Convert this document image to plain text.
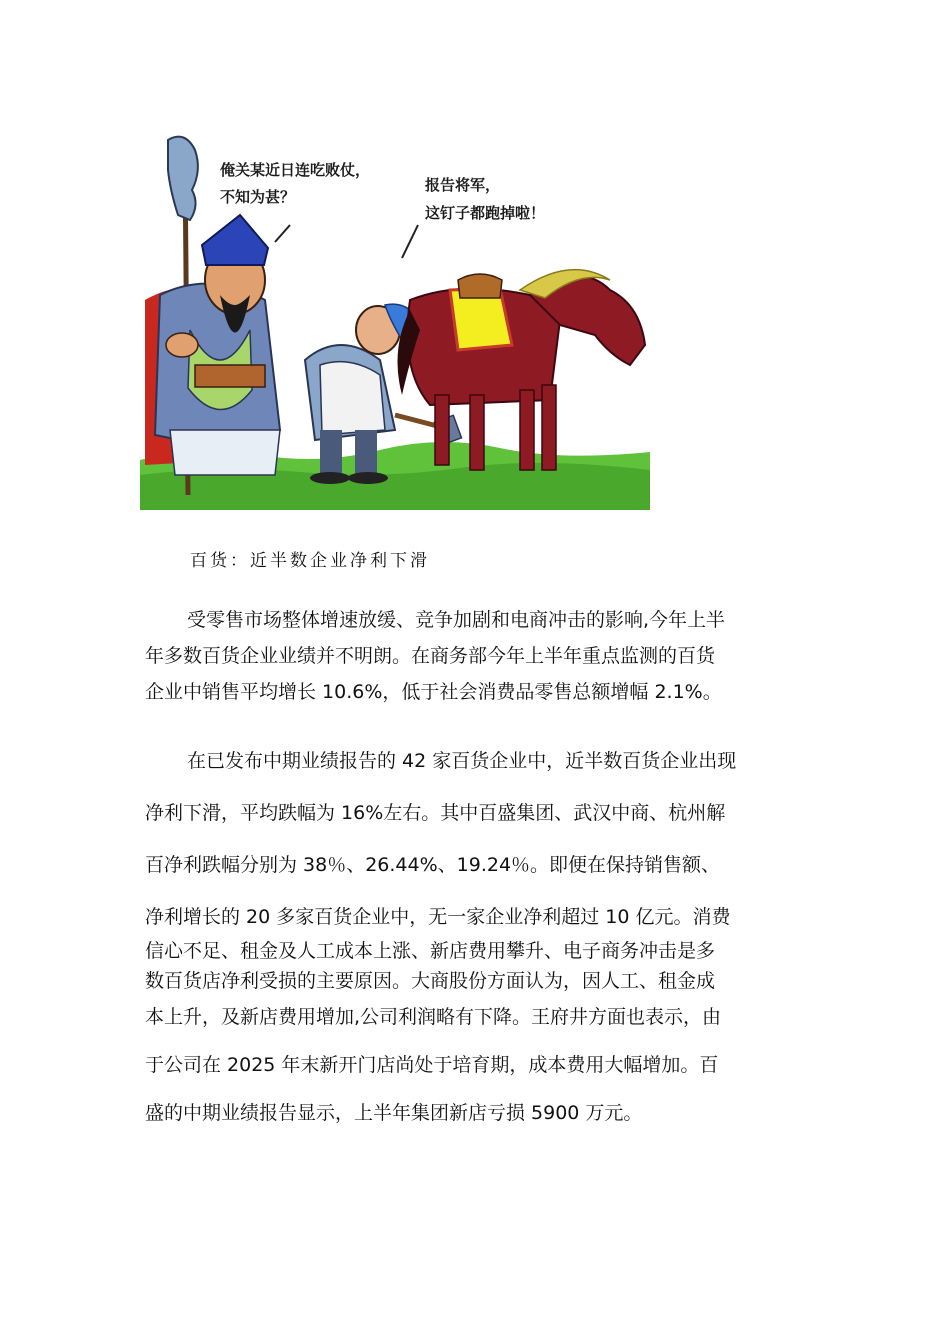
俺关某近日连吃败仗，
不知为甚？
报告将军，
这钉子都跑掉啦！
百货：近半数企业净利下滑
受零售市场整体增速放缓、竞争加剧和电商冲击的影响,今年上半
年多数百货企业业绩并不明朗。在商务部今年上半年重点监测的百货
企业中销售平均增长 10.6%，低于社会消费品零售总额增幅 2.1%。
在已发布中期业绩报告的 42 家百货企业中，近半数百货企业出现
净利下滑，平均跌幅为 16%左右。其中百盛集团、武汉中商、杭州解
百净利跌幅分别为 38％、26.44%、19.24％。即便在保持销售额、
净利增长的 20 多家百货企业中，无一家企业净利超过 10 亿元。消费
信心不足、租金及人工成本上涨、新店费用攀升、电子商务冲击是多
数百货店净利受损的主要原因。大商股份方面认为，因人工、租金成
本上升，及新店费用增加,公司利润略有下降。王府井方面也表示，由
于公司在 2025 年末新开门店尚处于培育期，成本费用大幅增加。百
盛的中期业绩报告显示，上半年集团新店亏损 5900 万元。
